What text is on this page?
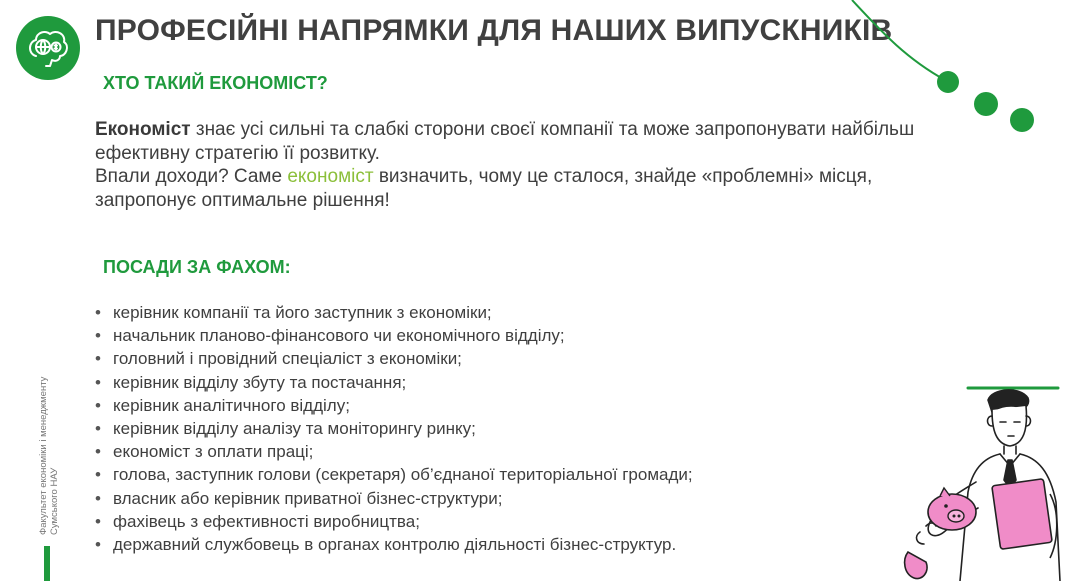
ПРОФЕСІЙНІ НАПРЯМКИ ДЛЯ НАШИХ ВИПУСКНИКІВ
ХТО ТАКИЙ ЕКОНОМІСТ?
Економіст знає усі сильні та слабкі сторони своєї компанії та може запропонувати найбільш ефективну стратегію її розвитку.
Впали доходи? Саме економіст визначить, чому це сталося, знайде «проблемні» місця, запропонує оптимальне рішення!
ПОСАДИ ЗА ФАХОМ:
• керівник компанії та його заступник з економіки;
• начальник планово-фінансового чи економічного відділу;
• головний і провідний спеціаліст з економіки;
• керівник відділу збуту та постачання;
• керівник аналітичного відділу;
• керівник відділу аналізу та моніторингу ринку;
• економіст з оплати праці;
• голова, заступник голови (секретаря) об’єднаної територіальної громади;
• власник або керівник приватної бізнес-структури;
• фахівець з ефективності виробництва;
• державний службовець в органах контролю діяльності бізнес-структур.
Факультет економіки і менеджменту Сумського НАУ
